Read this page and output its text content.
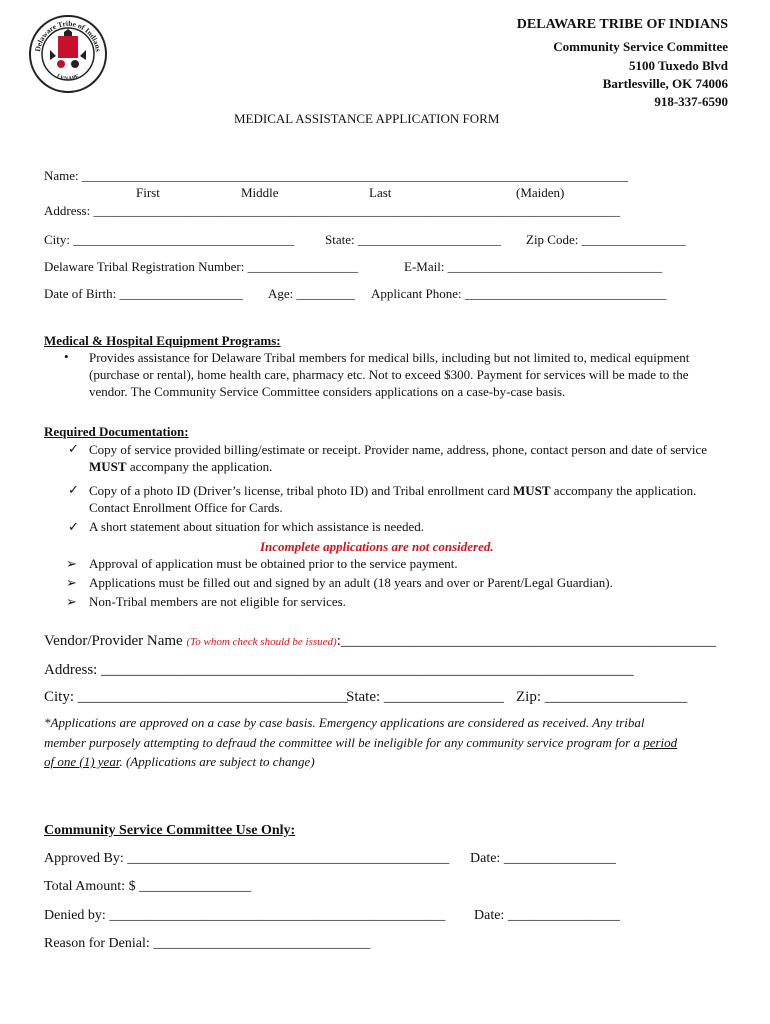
Delaware Tribe of Indians
LENAPE
DELAWARE TRIBE OF INDIANS
Community Service Committee
5100 Tuxedo Blvd
Bartlesville, OK 74006
918-337-6590
MEDICAL ASSISTANCE APPLICATION FORM
Name: ____________________________________________________________________________________
First	Middle	Last	(Maiden)
Address: _________________________________________________________________________________
City: __________________________________ State: ______________________ Zip Code: ________________
Delaware Tribal Registration Number: _________________	E-Mail: _________________________________
Date of Birth: ___________________ Age: _________ Applicant Phone: _______________________________
Medical & Hospital Equipment Programs:
• Provides assistance for Delaware Tribal members for medical bills, including but not limited to, medical equipment (purchase or rental), home health care, pharmacy etc. Not to exceed $300. Payment for services will be made to the vendor. The Community Service Committee considers applications on a case-by-case basis.
Required Documentation:
✓ Copy of service provided billing/estimate or receipt. Provider name, address, phone, contact person and date of service MUST accompany the application.
✓ Copy of a photo ID (Driver’s license, tribal photo ID) and Tribal enrollment card MUST accompany the application. Contact Enrollment Office for Cards.
✓ A short statement about situation for which assistance is needed.
Incomplete applications are not considered.
➢ Approval of application must be obtained prior to the service payment.
➢ Applications must be filled out and signed by an adult (18 years and over or Parent/Legal Guardian).
➢ Non-Tribal members are not eligible for services.
Vendor/Provider Name (To whom check should be issued):__________________________________________________
Address: _______________________________________________________________________
City: ____________________________________
State: ________________ Zip: ___________________
*Applications are approved on a case by case basis. Emergency applications are considered as received. Any tribal
member purposely attempting to defraud the committee will be ineligible for any community service program for a period
of one (1) year. (Applications are subject to change)
Community Service Committee Use Only:
Approved By: ______________________________________________ Date: ________________
Total Amount: $ ________________
Denied by: ________________________________________________ Date: ________________
Reason for Denial: _______________________________
